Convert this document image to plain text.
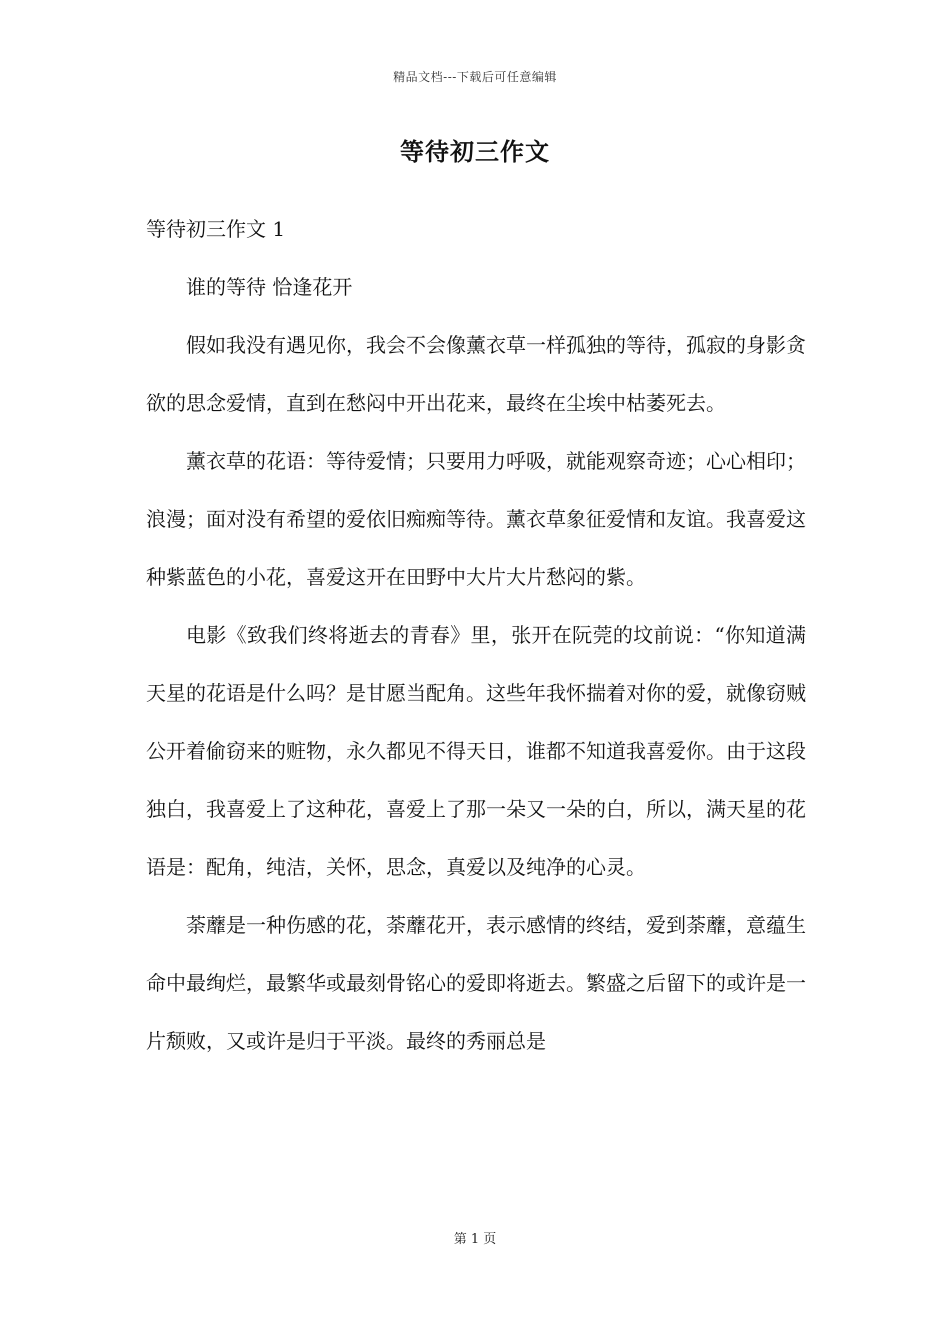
精品文档---下载后可任意编辑
等待初三作文

等待初三作文 1

谁的等待 恰逢花开

假如我没有遇见你，我会不会像薰衣草一样孤独的等待，孤寂的身影贪欲的思念爱情，直到在愁闷中开出花来，最终在尘埃中枯萎死去。

薰衣草的花语：等待爱情；只要用力呼吸，就能观察奇迹；心心相印；浪漫；面对没有希望的爱依旧痴痴等待。薰衣草象征爱情和友谊。我喜爱这种紫蓝色的小花，喜爱这开在田野中大片大片愁闷的紫。

电影《致我们终将逝去的青春》里，张开在阮莞的坟前说：“你知道满天星的花语是什么吗？是甘愿当配角。这些年我怀揣着对你的爱，就像窃贼公开着偷窃来的赃物，永久都见不得天日，谁都不知道我喜爱你。由于这段独白，我喜爱上了这种花，喜爱上了那一朵又一朵的白，所以，满天星的花语是：配角，纯洁，关怀，思念，真爱以及纯净的心灵。

荼蘼是一种伤感的花，荼蘼花开，表示感情的终结，爱到荼蘼，意蕴生命中最绚烂，最繁华或最刻骨铭心的爱即将逝去。繁盛之后留下的或许是一片颓败，又或许是归于平淡。最终的秀丽总是

第 1 页
